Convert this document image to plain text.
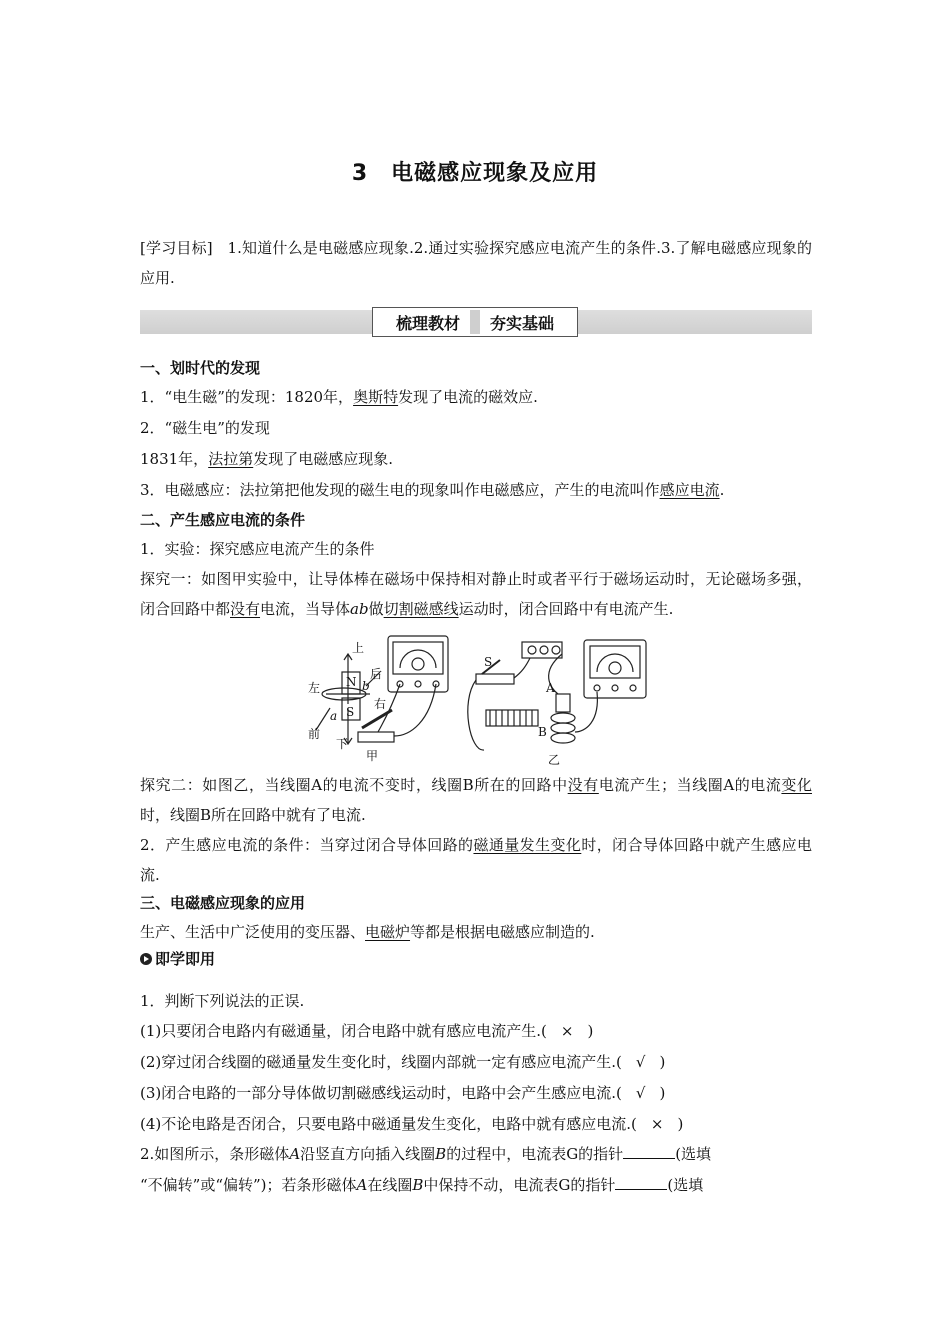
3　电磁感应现象及应用
[学习目标] 1.知道什么是电磁感应现象.2.通过实验探究感应电流产生的条件.3.了解电磁感应现象的应用.
梳理教材	夯实基础
一、划时代的发现
1．“电生磁”的发现：1820年，奥斯特发现了电流的磁效应.
2．“磁生电”的发现
1831年，法拉第发现了电磁感应现象.
3．电磁感应：法拉第把他发现的磁生电的现象叫作电磁感应，产生的电流叫作感应电流.
二、产生感应电流的条件
1．实验：探究感应电流产生的条件
探究一：如图甲实验中，让导体棒在磁场中保持相对静止时或者平行于磁场运动时，无论磁场多强，闭合回路中都没有电流，当导体ab做切割磁感线运动时，闭合回路中有电流产生.
上
下
左
右
前
后
N
S
a
b
S
A
B
甲	乙
探究二：如图乙，当线圈A的电流不变时，线圈B所在的回路中没有电流产生；当线圈A的电流变化时，线圈B所在回路中就有了电流.
2．产生感应电流的条件：当穿过闭合导体回路的磁通量发生变化时，闭合导体回路中就产生感应电流.
三、电磁感应现象的应用
生产、生活中广泛使用的变压器、电磁炉等都是根据电磁感应制造的.
即学即用
1．判断下列说法的正误.
(1)只要闭合电路内有磁通量，闭合电路中就有感应电流产生.( × )
(2)穿过闭合线圈的磁通量发生变化时，线圈内部就一定有感应电流产生.( √ )
(3)闭合电路的一部分导体做切割磁感线运动时，电路中会产生感应电流.( √ )
(4)不论电路是否闭合，只要电路中磁通量发生变化，电路中就有感应电流.( × )
2.如图所示，条形磁体A沿竖直方向插入线圈B的过程中，电流表G的指针	(选填
“不偏转”或“偏转”)；若条形磁体A在线圈B中保持不动，电流表G的指针	(选填
